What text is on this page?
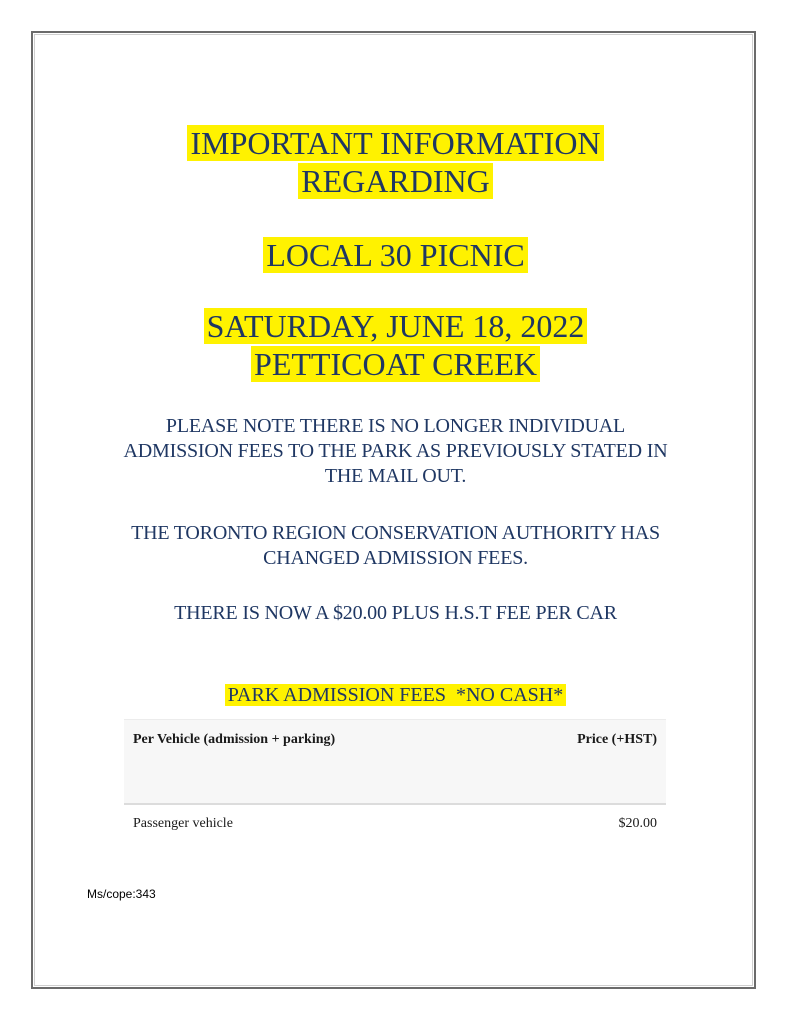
IMPORTANT INFORMATION
REGARDING
LOCAL 30 PICNIC
SATURDAY, JUNE 18, 2022
PETTICOAT CREEK
PLEASE NOTE THERE IS NO LONGER INDIVIDUAL
ADMISSION FEES TO THE PARK AS PREVIOUSLY STATED IN
THE MAIL OUT.
THE TORONTO REGION CONSERVATION AUTHORITY HAS
CHANGED ADMISSION FEES.
THERE IS NOW A $20.00 PLUS H.S.T FEE PER CAR
PARK ADMISSION FEES  *NO CASH*
Per Vehicle (admission + parking)	Price (+HST)
Passenger vehicle	$20.00
Ms/cope:343
